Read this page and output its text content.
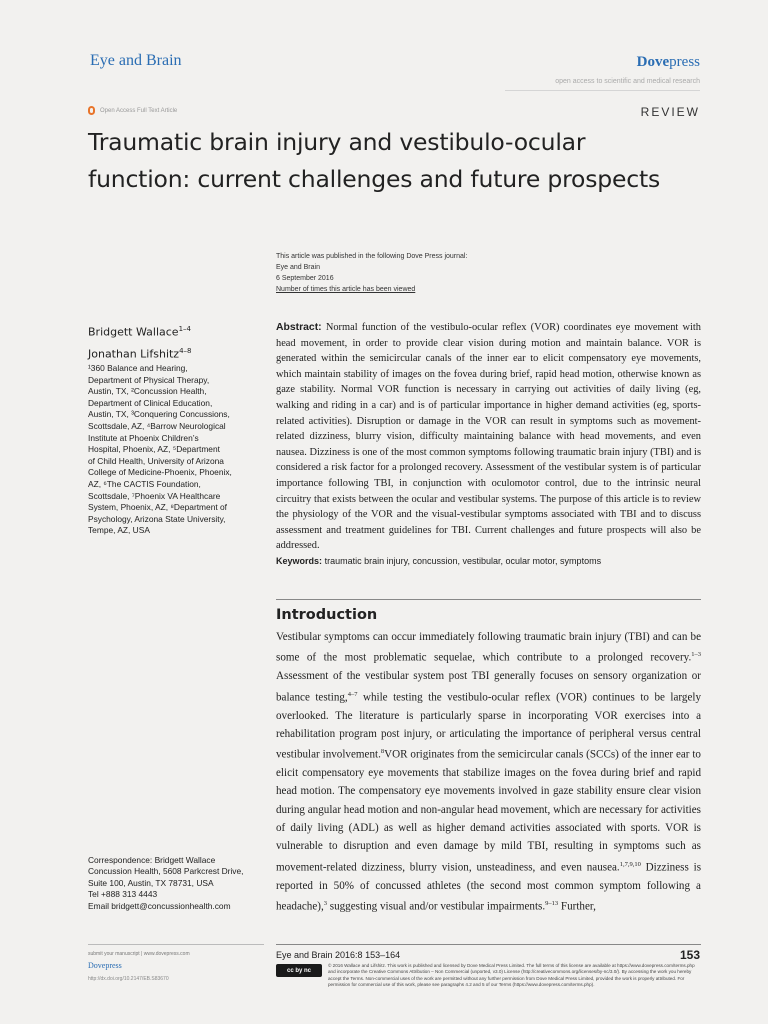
Eye and Brain	Dovepress
open access to scientific and medical research
Open Access Full Text Article	REVIEW
Traumatic brain injury and vestibulo-ocular
function: current challenges and future prospects
This article was published in the following Dove Press journal:
Eye and Brain
6 September 2016
Number of times this article has been viewed
Bridgett Wallace$^{1-4}$
Jonathan Lifshitz$^{4-8}$
¹360 Balance and Hearing,
Department of Physical Therapy,
Austin, TX, ²Concussion Health,
Department of Clinical Education,
Austin, TX, ³Conquering Concussions,
Scottsdale, AZ, ⁴Barrow Neurological
Institute at Phoenix Children’s
Hospital, Phoenix, AZ, ⁵Department
of Child Health, University of Arizona
College of Medicine-Phoenix, Phoenix,
AZ, ⁶The CACTIS Foundation,
Scottsdale, ⁷Phoenix VA Healthcare
System, Phoenix, AZ, ⁸Department of
Psychology, Arizona State University,
Tempe, AZ, USA
Abstract: Normal function of the vestibulo-ocular reflex (VOR) coordinates eye movement with head movement, in order to provide clear vision during motion and maintain balance. VOR is generated within the semicircular canals of the inner ear to elicit compensatory eye movements, which maintain stability of images on the fovea during brief, rapid head motion, otherwise known as gaze stability. Normal VOR function is necessary in carrying out activities of daily living (eg, walking and riding in a car) and is of particular importance in higher demand activities (eg, sports-related activities). Disruption or damage in the VOR can result in symptoms such as movement-related dizziness, blurry vision, difficulty maintaining balance with head movements, and even nausea. Dizziness is one of the most common symptoms following traumatic brain injury (TBI) and is considered a risk factor for a prolonged recovery. Assessment of the vestibular system is of particular importance following TBI, in conjunction with oculomotor control, due to the intrinsic neural circuitry that exists between the ocular and vestibular systems. The purpose of this article is to review the physiology of the VOR and the visual-vestibular symptoms associated with TBI and to discuss assessment and treatment guidelines for TBI. Current challenges and future prospects will also be addressed.
Keywords: traumatic brain injury, concussion, vestibular, ocular motor, symptoms
Introduction
Vestibular symptoms can occur immediately following traumatic brain injury (TBI) and can be some of the most problematic sequelae, which contribute to a prolonged recovery.$^{1-3}$ Assessment of the vestibular system post TBI generally focuses on sensory organization or balance testing,$^{4-7}$ while testing the vestibulo-ocular reflex (VOR) continues to be largely overlooked. The literature is particularly sparse in incorporating VOR exercises into a rehabilitation program post injury, or articulating the importance of peripheral versus central vestibular involvement.$^8$VOR originates from the semicircular canals (SCCs) of the inner ear to elicit compensatory eye movements that stabilize images on the fovea during brief and rapid head motion. The compensatory eye movements involved in gaze stability ensure clear vision during angular head motion and non-angular head movement, which are necessary for activities of daily living (ADL) as well as higher demand activities associated with sports. VOR is vulnerable to disruption and even damage by mild TBI, resulting in symptoms such as movement-related dizziness, blurry vision, unsteadiness, and even nausea.$^{1,7,9,10}$ Dizziness is reported in 50% of concussed athletes (the second most common symptom following a headache),$^3$ suggesting visual and/or vestibular impairments.$^{9-13}$ Further,
Correspondence: Bridgett Wallace
Concussion Health, 5608 Parkcrest Drive,
Suite 100, Austin, TX 78731, USA
Tel +888 313 4443
Email bridgett@concussionhealth.com
submit your manuscript | www.dovepress.com
Dovepress
http://dx.doi.org/10.2147/EB.S83670
Eye and Brain 2016:8 153–164	153
cc by nc
© 2016 Wallace and Lifshitz. This work is published and licensed by Dove Medical Press Limited. The full terms of this license are available at https://www.dovepress.com/terms.php and incorporate the Creative Commons Attribution – Non Commercial (unported, v3.0) License (http://creativecommons.org/licenses/by-nc/3.0/). By accessing the work you hereby accept the Terms. Non-commercial uses of the work are permitted without any further permission from Dove Medical Press Limited, provided the work is properly attributed. For permission for commercial use of this work, please see paragraphs 4.2 and 5 of our Terms (https://www.dovepress.com/terms.php).
